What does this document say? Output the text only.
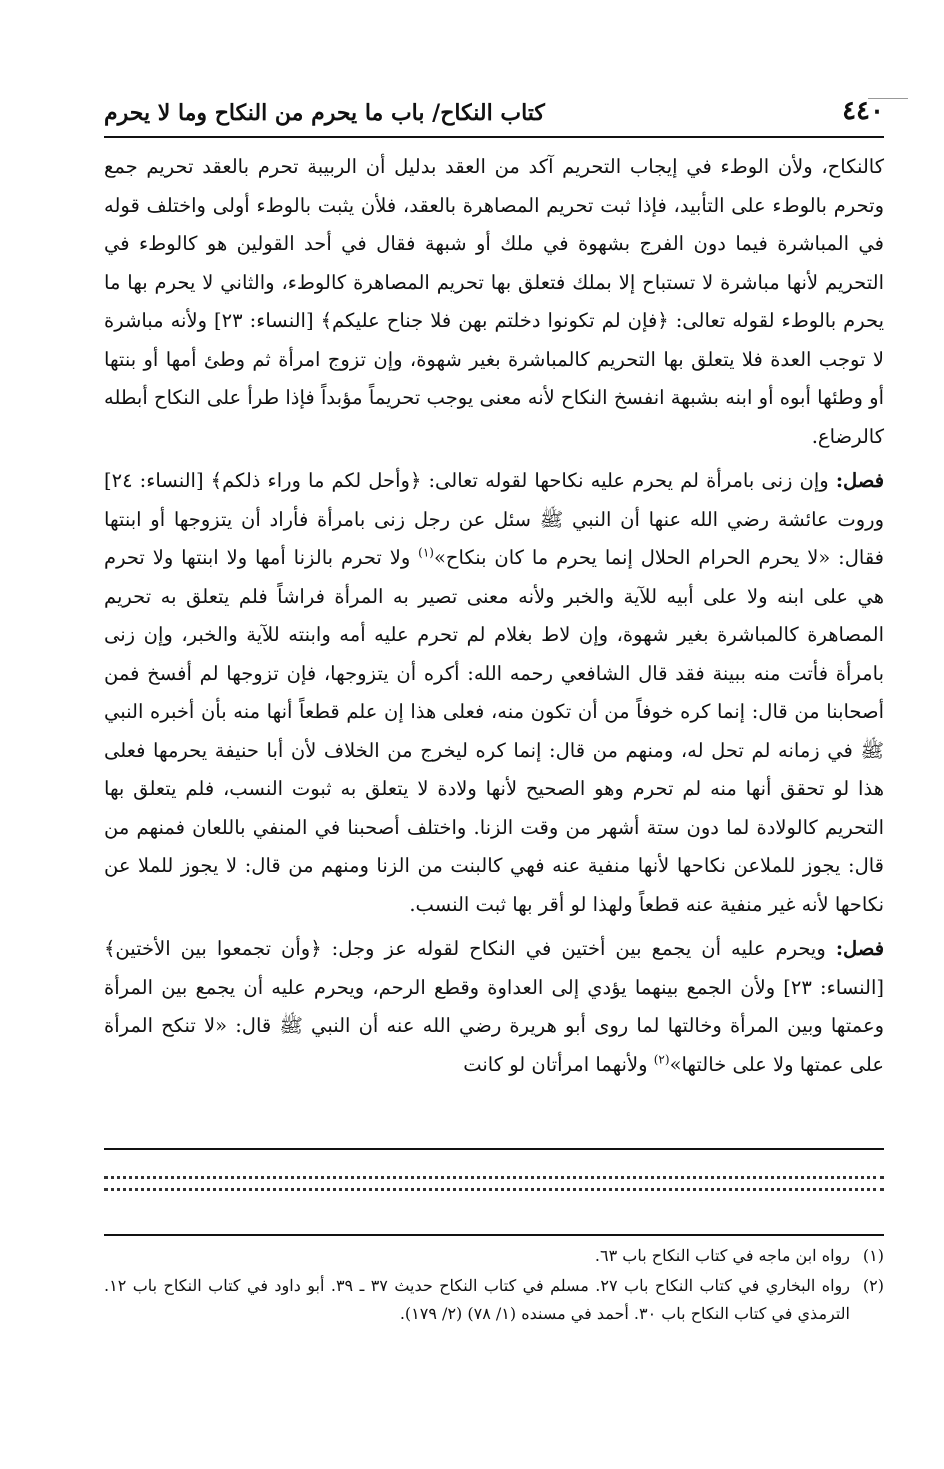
٤٤٠
كتاب النكاح/ باب ما يحرم من النكاح وما لا يحرم

كالنكاح، ولأن الوطء في إيجاب التحريم آكد من العقد بدليل أن الربيبة تحرم بالعقد تحريم جمع وتحرم بالوطء على التأبيد، فإذا ثبت تحريم المصاهرة بالعقد، فلأن يثبت بالوطء أولى واختلف قوله في المباشرة فيما دون الفرج بشهوة في ملك أو شبهة فقال في أحد القولين هو كالوطء في التحريم لأنها مباشرة لا تستباح إلا بملك فتعلق بها تحريم المصاهرة كالوطء، والثاني لا يحرم بها ما يحرم بالوطء لقوله تعالى: ﴿فإن لم تكونوا دخلتم بهن فلا جناح عليكم﴾ [النساء: ٢٣] ولأنه مباشرة لا توجب العدة فلا يتعلق بها التحريم كالمباشرة بغير شهوة، وإن تزوج امرأة ثم وطئ أمها أو بنتها أو وطئها أبوه أو ابنه بشبهة انفسخ النكاح لأنه معنى يوجب تحريماً مؤبداً فإذا طرأ على النكاح أبطله كالرضاع.

فصل: وإن زنى بامرأة لم يحرم عليه نكاحها لقوله تعالى: ﴿وأحل لكم ما وراء ذلكم﴾ [النساء: ٢٤] وروت عائشة رضي الله عنها أن النبي ﷺ سئل عن رجل زنى بامرأة فأراد أن يتزوجها أو ابنتها فقال: «لا يحرم الحرام الحلال إنما يحرم ما كان بنكاح»$^{(١)}$ ولا تحرم بالزنا أمها ولا ابنتها ولا تحرم هي على ابنه ولا على أبيه للآية والخبر ولأنه معنى تصير به المرأة فراشاً فلم يتعلق به تحريم المصاهرة كالمباشرة بغير شهوة، وإن لاط بغلام لم تحرم عليه أمه وابنته للآية والخبر، وإن زنى بامرأة فأتت منه ببينة فقد قال الشافعي رحمه الله: أكره أن يتزوجها، فإن تزوجها لم أفسخ فمن أصحابنا من قال: إنما كره خوفاً من أن تكون منه، فعلى هذا إن علم قطعاً أنها منه بأن أخبره النبي ﷺ في زمانه لم تحل له، ومنهم من قال: إنما كره ليخرج من الخلاف لأن أبا حنيفة يحرمها فعلى هذا لو تحقق أنها منه لم تحرم وهو الصحيح لأنها ولادة لا يتعلق به ثبوت النسب، فلم يتعلق بها التحريم كالولادة لما دون ستة أشهر من وقت الزنا. واختلف أصحبنا في المنفي باللعان فمنهم من قال: يجوز للملاعن نكاحها لأنها منفية عنه فهي كالبنت من الزنا ومنهم من قال: لا يجوز للملا عن نكاحها لأنه غير منفية عنه قطعاً ولهذا لو أقر بها ثبت النسب.

فصل: ويحرم عليه أن يجمع بين أختين في النكاح لقوله عز وجل: ﴿وأن تجمعوا بين الأختين﴾ [النساء: ٢٣] ولأن الجمع بينهما يؤدي إلى العداوة وقطع الرحم، ويحرم عليه أن يجمع بين المرأة وعمتها وبين المرأة وخالتها لما روى أبو هريرة رضي الله عنه أن النبي ﷺ قال: «لا تنكح المرأة على عمتها ولا على خالتها»$^{(٢)}$ ولأنهما امرأتان لو كانت

(١)
رواه ابن ماجه في كتاب النكاح باب ٦٣.
(٢)
رواه البخاري في كتاب النكاح باب ٢٧. مسلم في كتاب النكاح حديث ٣٧ ـ ٣٩. أبو داود في كتاب النكاح باب ١٢. الترمذي في كتاب النكاح باب ٣٠. أحمد في مسنده (١/ ٧٨) (٢/ ١٧٩).
